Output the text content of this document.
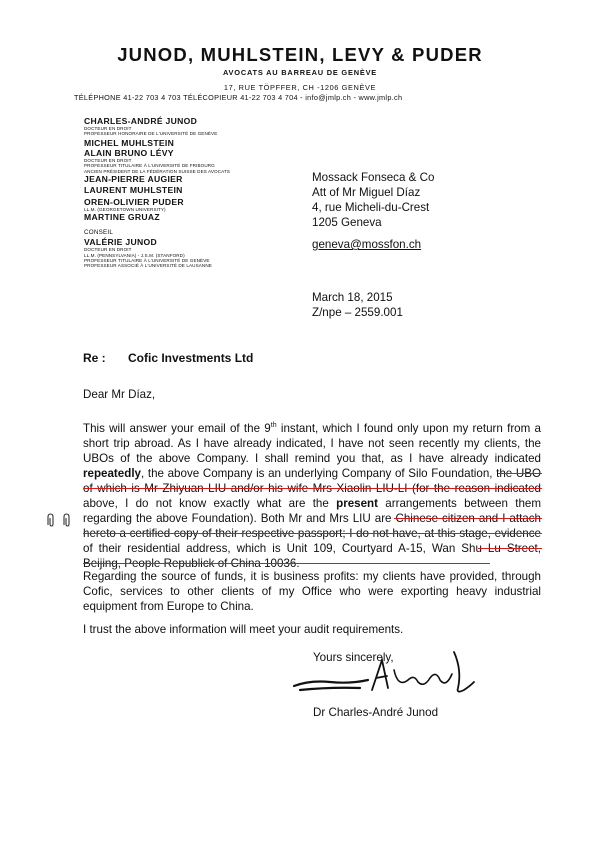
JUNOD, MUHLSTEIN, LEVY & PUDER
AVOCATS AU BARREAU DE GENÈVE
17, RUE TÖPFFER, CH -1206 GENÈVE
TÉLÉPHONE 41-22 703 4 703 TÉLÉCOPIEUR 41-22 703 4 704 - info@jmlp.ch - www.jmlp.ch
CHARLES-ANDRÉ JUNOD
DOCTEUR EN DROIT
PROFESSEUR HONORAIRE DE L'UNIVERSITÉ DE GENÈVE
MICHEL MUHLSTEIN
ALAIN BRUNO LÉVY
DOCTEUR EN DROIT
PROFESSEUR TITULAIRE À L'UNIVERSITÉ DE FRIBOURG
ANCIEN PRÉSIDENT DE LA FÉDÉRATION SUISSE DES AVOCATS
JEAN-PIERRE AUGIER
LAURENT MUHLSTEIN
OREN-OLIVIER PUDER
LL.M. (GEORGETOWN UNIVERSITY)
MARTINE GRUAZ
CONSEIL
VALÉRIE JUNOD
DOCTEUR EN DROIT
LL.M. (PENNSYLVANIA) - J.S.M. (STANFORD)
PROFESSEUR TITULAIRE À L'UNIVERSITÉ DE GENÈVE
PROFESSEUR ASSOCIÉ À L'UNIVERSITÉ DE LAUSANNE
Mossack Fonseca & Co
Att of Mr Miguel Díaz
4, rue Micheli-du-Crest
1205 Geneva
geneva@mossfon.ch
March 18, 2015
Z/npe – 2559.001
Re : Cofic Investments Ltd
Dear Mr Díaz,
This will answer your email of the 9th instant, which I found only upon my return from a short trip abroad. As I have already indicated, I have not seen recently my clients, the UBOs of the above Company. I shall remind you that, as I have already indicated repeatedly, the above Company is an underlying Company of Silo Foundation, the UBO of which is Mr Zhiyuan LIU and/or his wife Mrs Xiaolin LIU-LI (for the reason indicated above, I do not know exactly what are the present arrangements between them regarding the above Foundation). Both Mr and Mrs LIU are Chinese citizen and I attach hereto a certified copy of their respective passport; I do not have, at this stage, evidence of their residential address, which is Unit 109, Courtyard A-15, Wan Shu Lu Street, Beijing, People Republick of China 10036.
Regarding the source of funds, it is business profits: my clients have provided, through Cofic, services to other clients of my Office who were exporting heavy industrial equipment from Europe to China.
I trust the above information will meet your audit requirements.
Yours sincerely,
Dr Charles-André Junod
